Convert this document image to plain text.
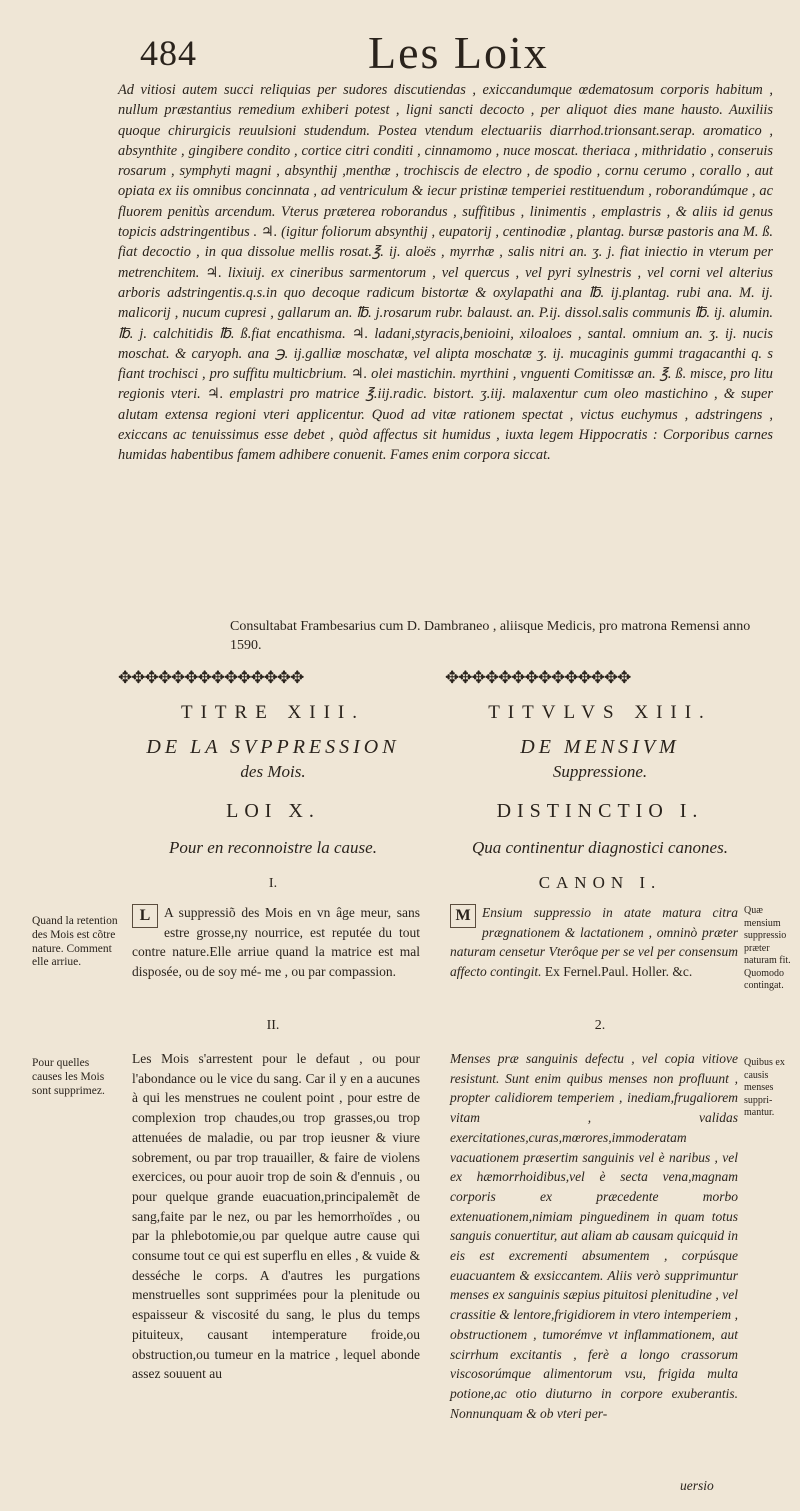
484	Les Loix

Ad vitiosi autem succi reliquias per sudores discutiendas , exiccandumque œdematosum corporis habitum , nullum præstantius remedium exhiberi potest , ligni sancti decocto , per aliquot dies mane hausto. Auxiliis quoque chirurgicis reuulsioni studendum. Postea vtendum electuariis diarrhod.trionsant.serap. aromatico , absynthite , gingibere condito , cortice citri conditi , cinnamomo , nuce moscat. theriaca , mithridatio , conseruis rosarum , symphyti magni , absynthij ,menthæ , trochiscis de electro , de spodio , cornu cerumo , corallo , aut opiata ex iis omnibus concinnata , ad ventriculum & iecur pristinæ temperiei restituendum , roborandúmque , ac fluorem penitùs arcendum. Vterus præterea roborandus , suffitibus , linimentis , emplastris , & aliis id genus topicis adstringentibus . ♃. (igitur foliorum absynthij , eupatorij , centinodiæ , plantag. bursæ pastoris ana M. ß. fiat decoctio , in qua dissolue mellis rosat.℥. ij. aloës , myrrhæ , salis nitri an. ʒ. j. fiat iniectio in vterum per metrenchitem. ♃. lixiuij. ex cineribus sarmentorum , vel quercus , vel pyri sylnestris , vel corni vel alterius arboris adstringentis.q.s.in quo decoque radicum bistortæ & oxylapathi ana ℔. ij.plantag. rubi ana. M. ij. malicorij , nucum cupresi , gallarum an. ℔. j.rosarum rubr. balaust. an. P.ij. dissol.salis communis ℔. ij. alumin. ℔. j. calchitidis ℔. ß.fiat encathisma. ♃. ladani,styracis,benioini, xiloaloes , santal. omnium an. ʒ. ij. nucis moschat. & caryoph. ana ℈. ij.galliæ moschatæ, vel alipta moschatæ ʒ. ij. mucaginis gummi tragacanthi q. s fiant trochisci , pro suffitu multicbrium. ♃. olei mastichin. myrthini , vnguenti Comitissæ an. ℥. ß. misce, pro litu regionis vteri. ♃. emplastri pro matrice ℥.iij.radic. bistort. ʒ.iij. malaxentur cum oleo mastichino , & super alutam extensa regioni vteri applicentur. Quod ad vitæ rationem spectat , victus euchymus , adstringens , exiccans ac tenuissimus esse debet , quòd affectus sit humidus , iuxta legem Hippocratis : Corporibus carnes humidas habentibus famem adhibere conuenit. Fames enim corpora siccat.

Consultabat Frambesarius cum D. Dambraneo , aliisque Medicis, pro matrona Remensi anno 1590.
✥✥✥✥✥✥✥✥✥✥✥✥✥✥	✥✥✥✥✥✥✥✥✥✥✥✥✥✥
TITRE XIII.
DE LA SVPPRESSION
des Mois.
LOI X.
Pour en reconnoistre la cause.
I.
TITVLVS XIII.
DE MENSIVM
Suppressione.
DISTINCTIO I.
Qua continentur diagnostici canones.
CANON I.
Quand la retention des Mois est cõtre nature. Comment elle arriue.
L	A suppressiõ des Mois en vn âge meur, sans estre grosse,ny nourrice, est reputée du tout contre nature.Elle arriue quand la matrice est mal disposée, ou de soy mé- me , ou par compassion.
M Ensium suppressio in atate matura citra prægnationem & lactationem , omninò præter naturam censetur Vterôque per se vel per consensum affecto contingit. Ex Fernel.Paul. Holler. &c.
Quæ mensium suppressio præter naturam fit. Quomodo contingat.
II.
Pour quelles causes les Mois sont supprimez.
Les Mois s'arrestent pour le defaut , ou pour l'abondance ou le vice du sang. Car il y en a aucunes à qui les menstrues ne coulent point , pour estre de complexion trop chaudes,ou trop grasses,ou trop attenuées de maladie, ou par trop ieusner & viure sobrement, ou par trop trauailler, & faire de violens exercices, ou pour auoir trop de soin & d'ennuis , ou pour quelque grande euacuation,principalemẽt de sang,faite par le nez, ou par les hemorrhoïdes , ou par la phlebotomie,ou par quelque autre cause qui consume tout ce qui est superflu en elles , & vuide & desséche le corps. A d'autres les purgations menstruelles sont supprimées pour la plenitude ou espaisseur & viscosité du sang, le plus du temps pituiteux, causant intemperature froide,ou obstruction,ou tumeur en la matrice , lequel abonde assez souuent au
2.
Menses præ sanguinis defectu , vel copia vitiove resistunt. Sunt enim quibus menses non profluunt , propter calidiorem temperiem , inediam,frugaliorem vitam , validas exercitationes,curas,mœrores,immoderatam vacuationem præsertim sanguinis vel è naribus , vel ex hæmorrhoidibus,vel è secta vena,magnam corporis ex præcedente morbo extenuationem,nimiam pinguedinem in quam totus sanguis conuertitur, aut aliam ab causam quicquid in eis est excrementi absumentem , corpúsque euacuantem & exsiccantem. Aliis verò supprimuntur menses ex sanguinis sæpius pituitosi plenitudine , vel crassitie & lentore,frigidiorem in vtero intemperiem , obstructionem , tumorémve vt inflammationem, aut scirrhum excitantis , ferè a longo crassorum viscosorúmque alimentorum vsu, frigida multa potione,ac otio diuturno in corpore exuberantis. Nonnunquam & ob vteri per-
uersio
Quibus ex causis menses suppri- mantur.
